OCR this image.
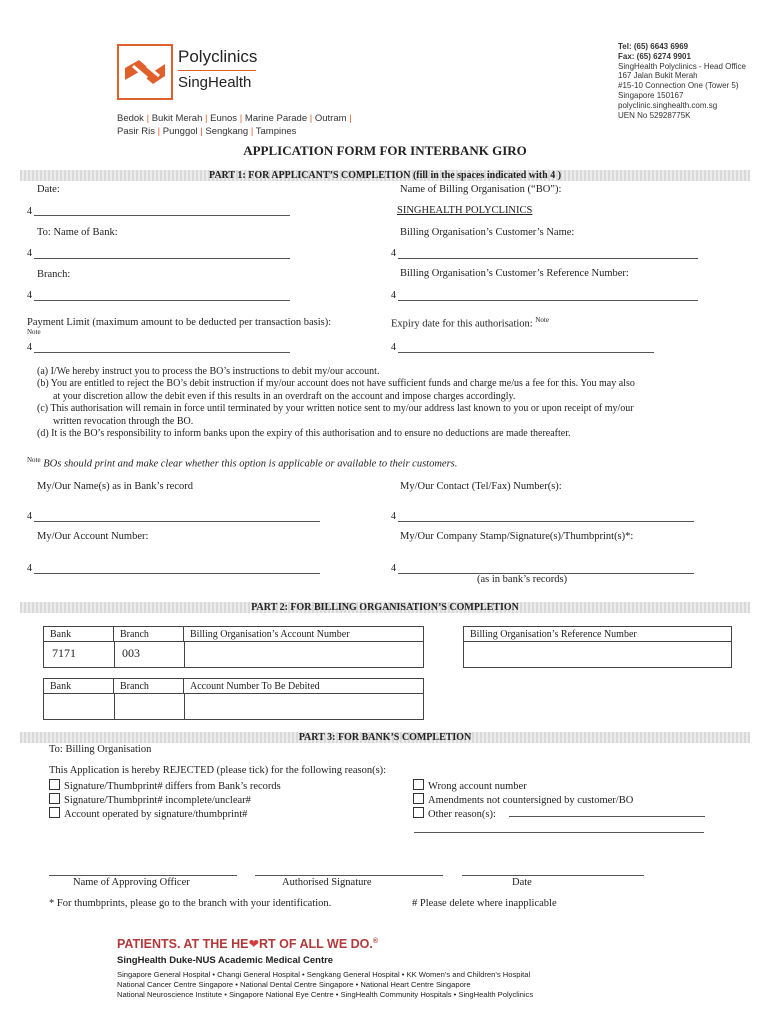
Polyclinics
SingHealth
Bedok | Bukit Merah | Eunos | Marine Parade | Outram |
Pasir Ris | Punggol | Sengkang | Tampines
Tel: (65) 6643 6969
Fax: (65) 6274 9901
SingHealth Polyclinics - Head Office
167 Jalan Bukit Merah
#15-10 Connection One (Tower 5)
Singapore 150167
polyclinic.singhealth.com.sg
UEN No 52928775K
APPLICATION FORM FOR INTERBANK GIRO
PART 1: FOR APPLICANT’S COMPLETION (fill in the spaces indicated with 4 )
Date:	Name of Billing Organisation (“BO”):
4	SINGHEALTH POLYCLINICS
To: Name of Bank:	Billing Organisation’s Customer’s Name:
4	4
Branch:	Billing Organisation’s Customer’s Reference Number:
4	4
Payment Limit (maximum amount to be deducted per transaction basis):
Note
Expiry date for this authorisation: $^{Note}$
4	4
(a) I/We hereby instruct you to process the BO’s instructions to debit my/our account.
(b) You are entitled to reject the BO’s debit instruction if my/our account does not have sufficient funds and charge me/us a fee for this. You may also
at your discretion allow the debit even if this results in an overdraft on the account and impose charges accordingly.
(c) This authorisation will remain in force until terminated by your written notice sent to my/our address last known to you or upon receipt of my/our
written revocation through the BO.
(d) It is the BO’s responsibility to inform banks upon the expiry of this authorisation and to ensure no deductions are made thereafter.
$^{Note}$ BOs should print and make clear whether this option is applicable or available to their customers.
My/Our Name(s) as in Bank’s record	My/Our Contact (Tel/Fax) Number(s):
4	4
My/Our Account Number:	My/Our Company Stamp/Signature(s)/Thumbprint(s)*:
4	4
(as in bank’s records)
PART 2: FOR BILLING ORGANISATION’S COMPLETION
Bank	Branch	Billing Organisation’s Account Number
7171	003
Billing Organisation’s Reference Number
Bank	Branch	Account Number To Be Debited
PART 3: FOR BANK’S COMPLETION
To: Billing Organisation
This Application is hereby REJECTED (please tick) for the following reason(s):
Signature/Thumbprint# differs from Bank’s records
Signature/Thumbprint# incomplete/unclear#
Account operated by signature/thumbprint#
Wrong account number
Amendments not countersigned by customer/BO
Other reason(s):
Name of Approving Officer	Authorised Signature	Date
* For thumbprints, please go to the branch with your identification.	# Please delete where inapplicable
PATIENTS. AT THE HE❤RT OF ALL WE DO.®
SingHealth Duke-NUS Academic Medical Centre
Singapore General Hospital • Changi General Hospital • Sengkang General Hospital • KK Women’s and Children’s Hospital
National Cancer Centre Singapore • National Dental Centre Singapore • National Heart Centre Singapore
National Neuroscience Institute • Singapore National Eye Centre • SingHealth Community Hospitals • SingHealth Polyclinics
